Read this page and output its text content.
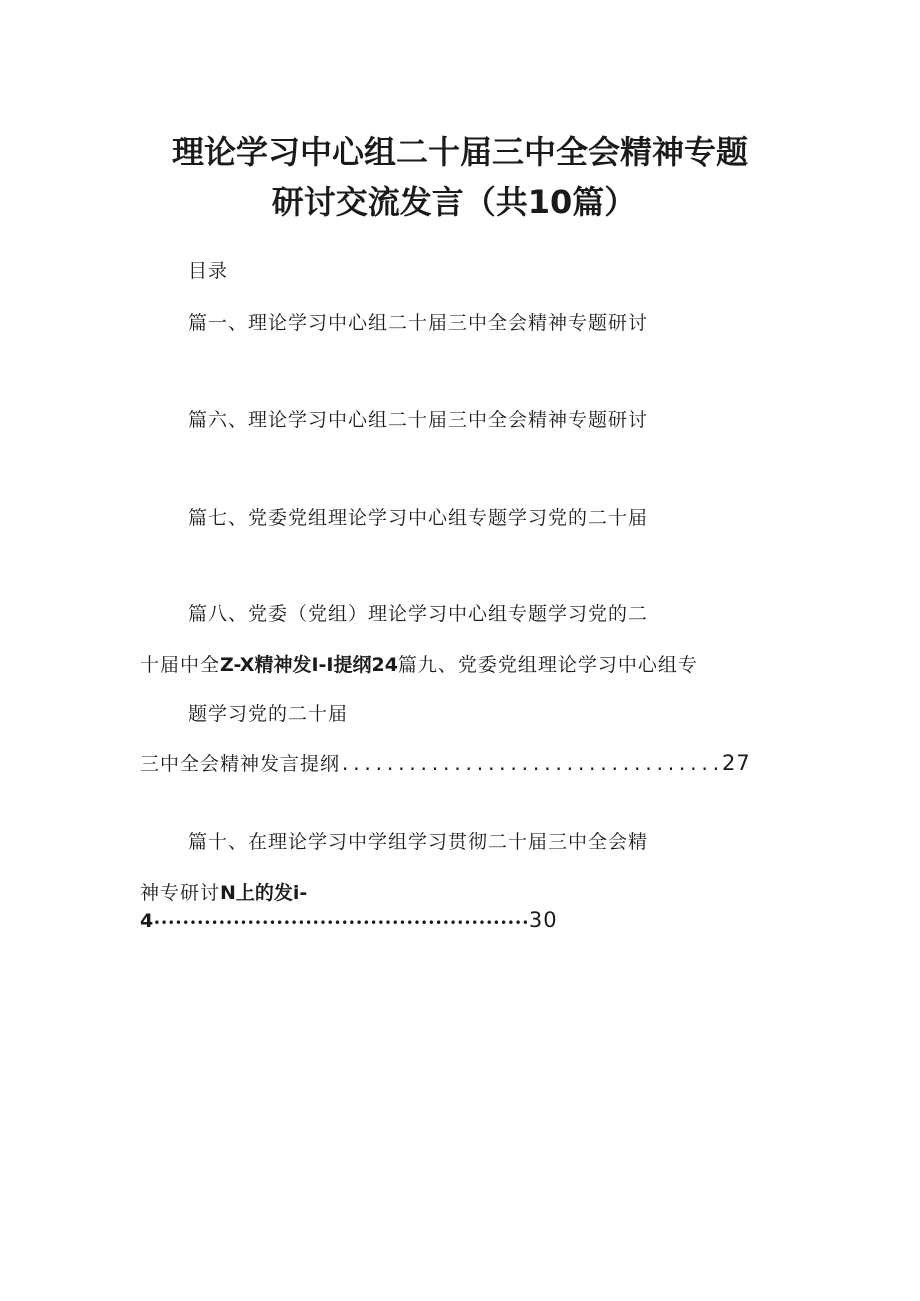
理论学习中心组二十届三中全会精神专题
研讨交流发言（共10篇）
目录
篇一、理论学习中心组二十届三中全会精神专题研讨
篇六、理论学习中心组二十届三中全会精神专题研讨
篇七、党委党组理论学习中心组专题学习党的二十届
篇八、党委（党组）理论学习中心组专题学习党的二
十届中全Z-X精神发I-I提纲24篇九、党委党组理论学习中心组专
题学习党的二十届
三中全会精神发言提纲..................................27
篇十、在理论学习中学组学习贯彻二十届三中全会精
神专研讨N上的发i-
4••••••••••••••••••••••••••••••••••••••••••••••••••••30
